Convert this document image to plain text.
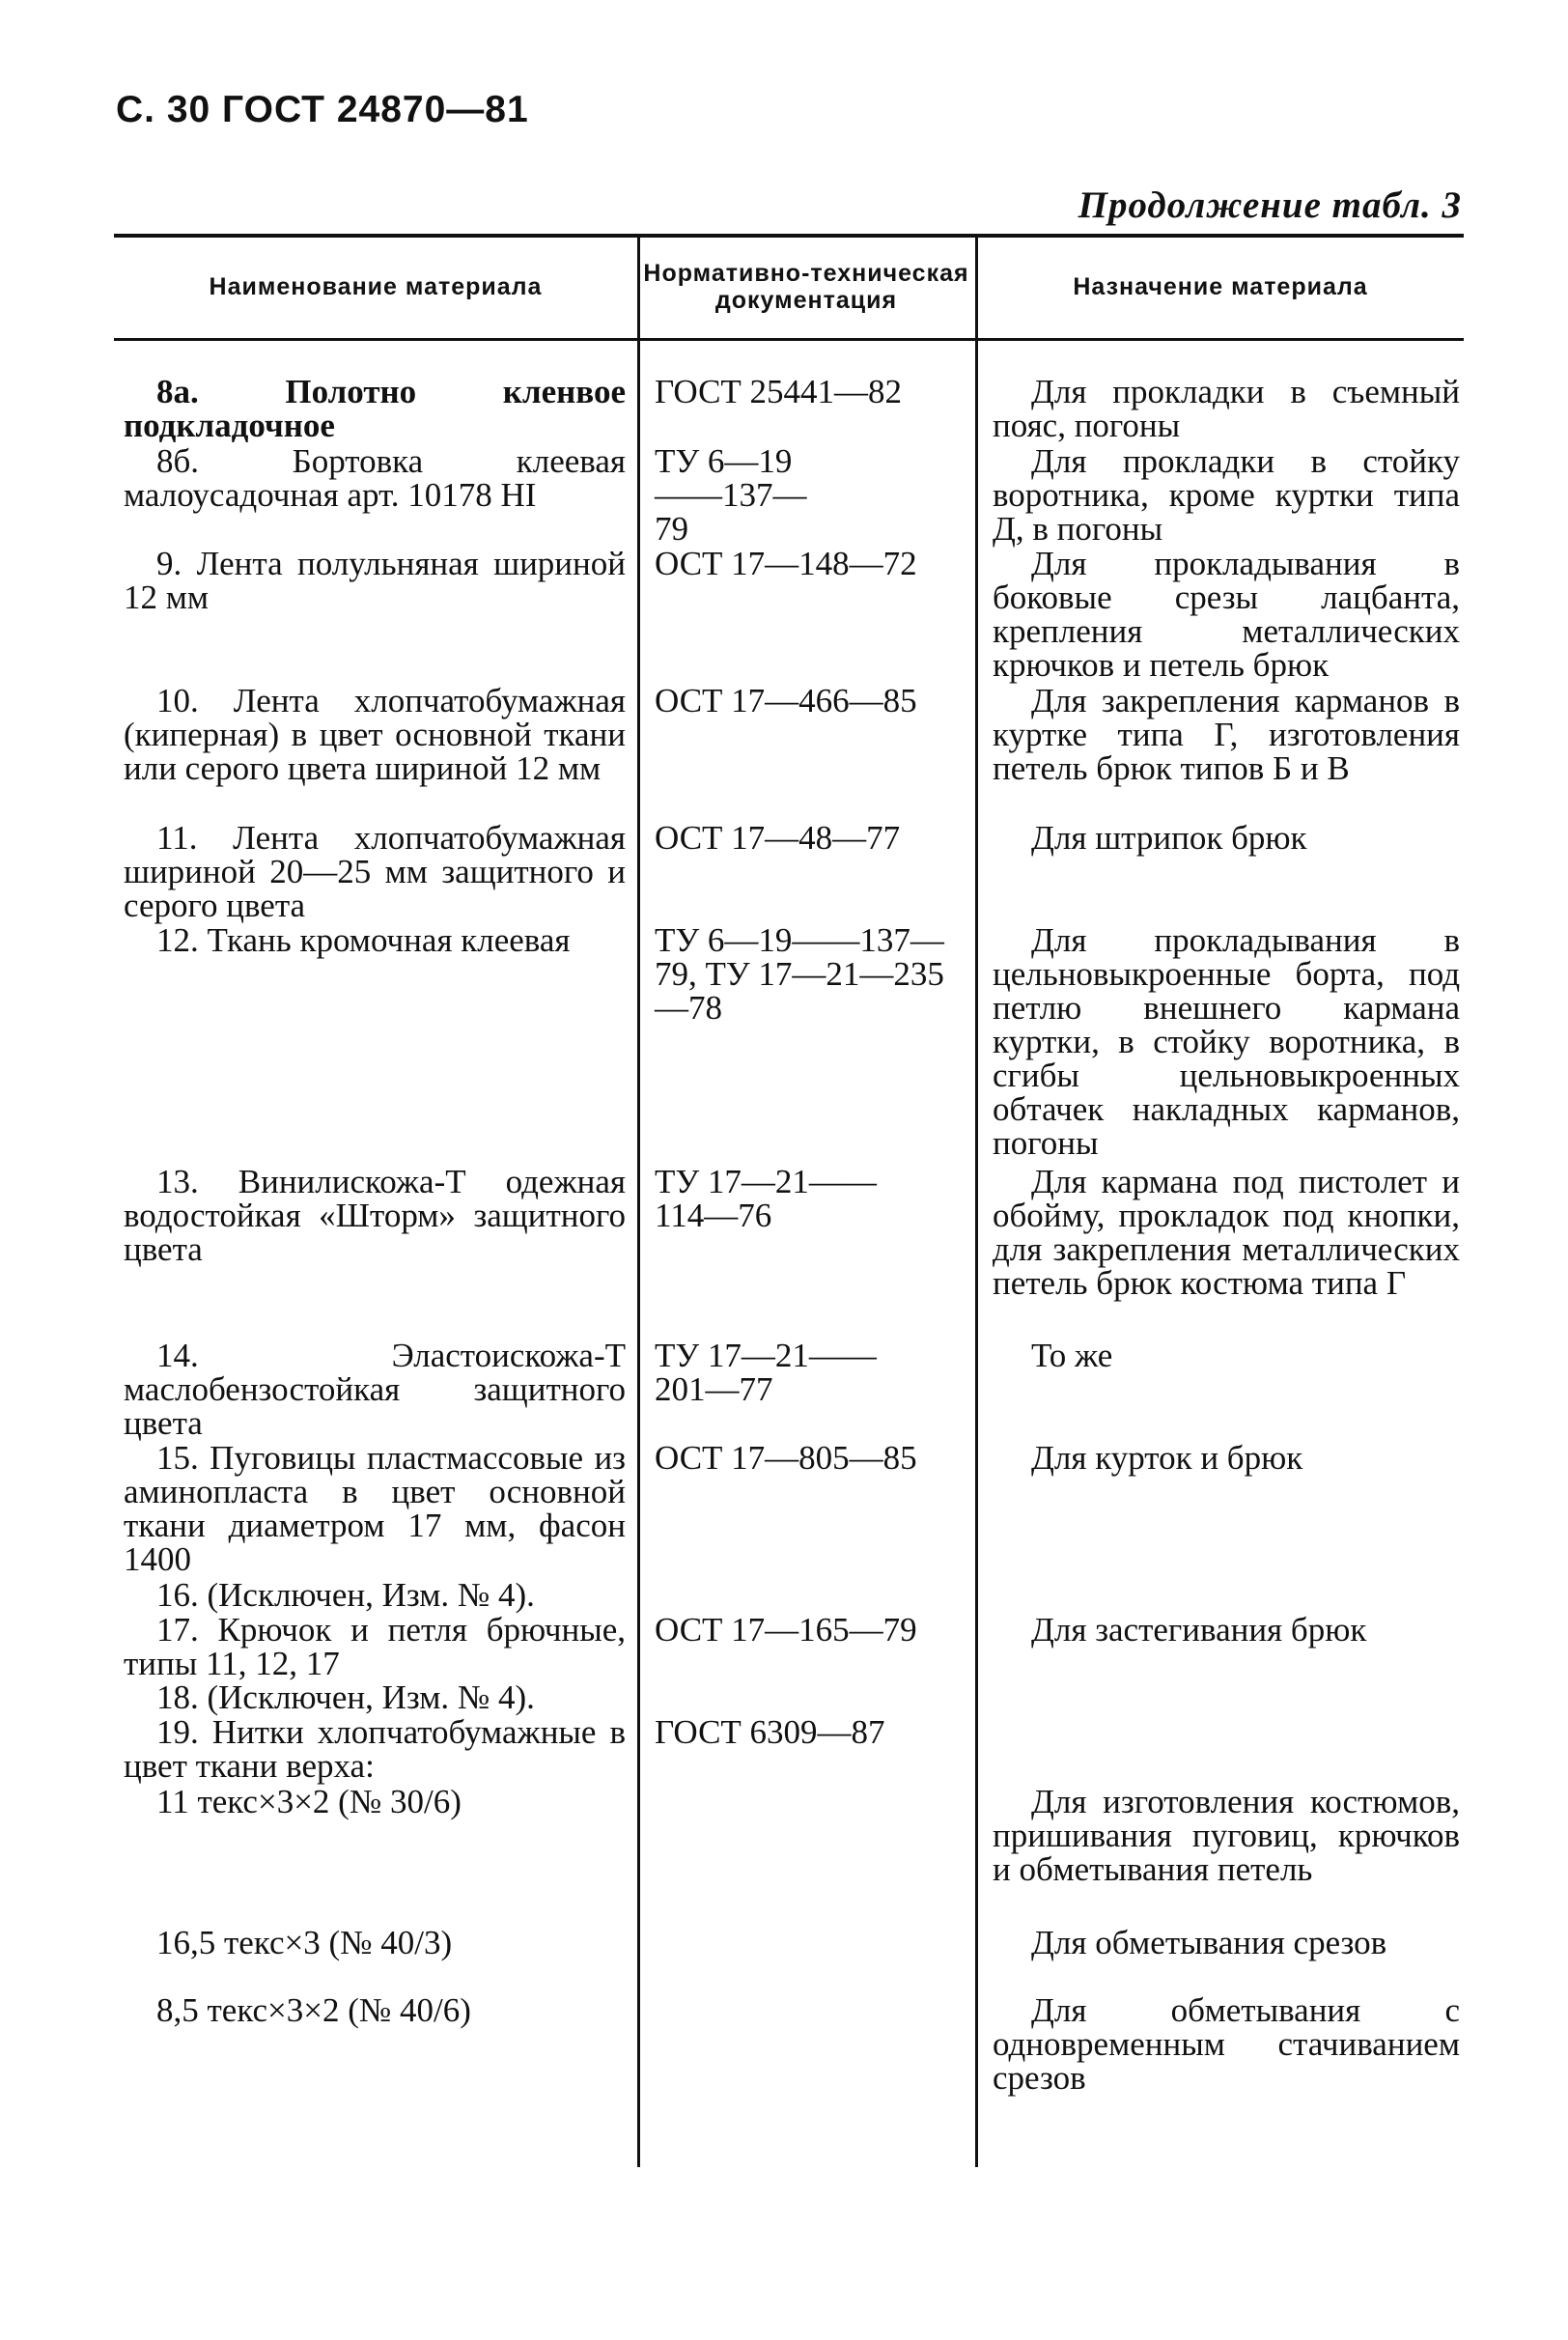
С. 30 ГОСТ 24870—81
Продолжение табл. 3
Наименование материала	Нормативно-техническая документация	Назначение материала
8а. Полотно кленвое подкладочное
8б. Бортовка клеевая малоусадочная арт. 10178 HI
9. Лента полульняная шириной 12 мм
10. Лента хлопчатобумажная (киперная) в цвет основной ткани или серого цвета шириной 12 мм
11. Лента хлопчатобумажная шириной 20—25 мм защитного и серого цвета
12. Ткань кромочная клеевая
13. Винилискожа-Т одежная водостойкая «Шторм» защитного цвета
14. Эластоискожа-Т маслобензостойкая защитного цвета
15. Пуговицы пластмассовые из аминопласта в цвет основной ткани диаметром 17 мм, фасон 1400
16. (Исключен, Изм. № 4).
17. Крючок и петля брючные, типы 11, 12, 17
18. (Исключен, Изм. № 4).
19. Нитки хлопчатобумажные в цвет ткани верха:
11 текс×3×2 (№ 30/6)
16,5 текс×3 (№ 40/3)
8,5 текс×3×2 (№ 40/6)
ГОСТ 25441—82
ТУ 6—19——137—79
ОСТ 17—148—72
ОСТ 17—466—85
ОСТ 17—48—77
ТУ 6—19——137—79, ТУ 17—21—235—78
ТУ 17—21——114—76
ТУ 17—21——201—77
ОСТ 17—805—85
ОСТ 17—165—79
ГОСТ 6309—87
Для прокладки в съемный пояс, погоны
Для прокладки в стойку воротника, кроме куртки типа Д, в погоны
Для прокладывания в боковые срезы лацбанта, крепления металлических крючков и петель брюк
Для закрепления карманов в куртке типа Г, изготовления петель брюк типов Б и В
Для штрипок брюк
Для прокладывания в цельновыкроенные борта, под петлю внешнего кармана куртки, в стойку воротника, в сгибы цельновыкроенных обтачек накладных карманов, погоны
Для кармана под пистолет и обойму, прокладок под кнопки, для закрепления металлических петель брюк костюма типа Г
То же
Для курток и брюк
Для застегивания брюк
Для изготовления костюмов, пришивания пуговиц, крючков и обметывания петель
Для обметывания срезов
Для обметывания с одновременным стачиванием срезов
